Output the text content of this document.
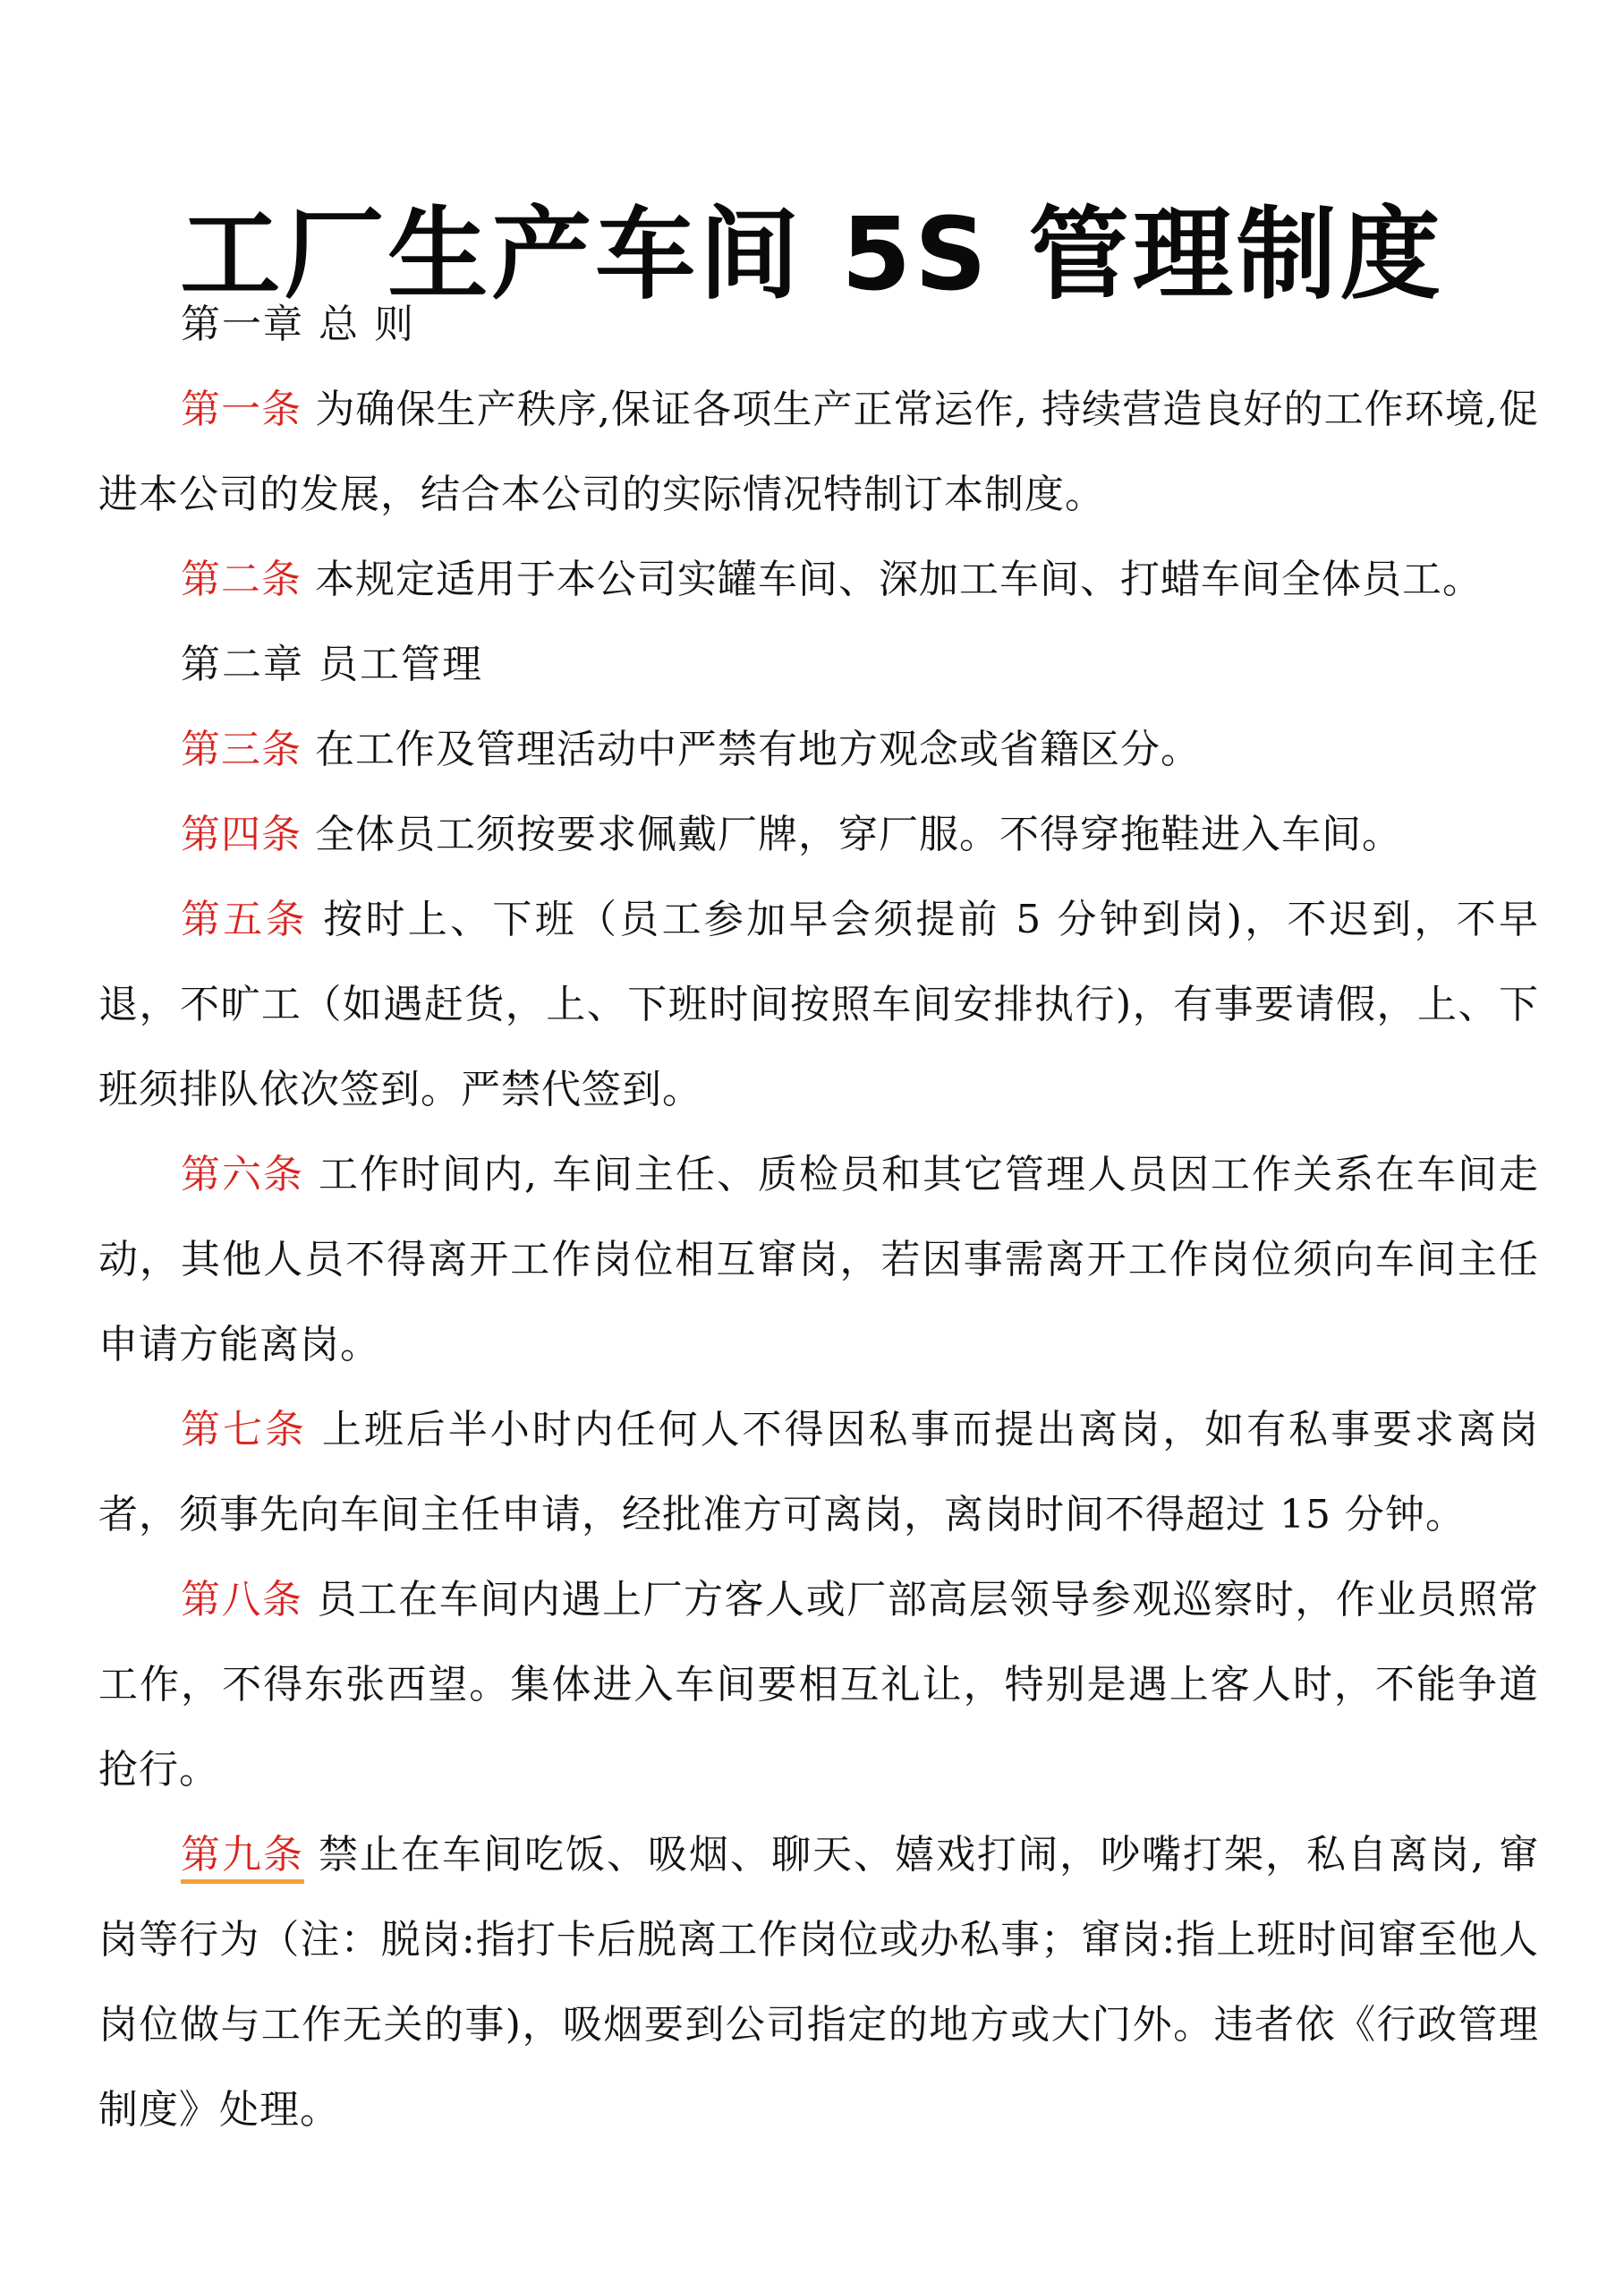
工厂生产车间 5S 管理制度

第一章 总 则

第一条 为确保生产秩序,保证各项生产正常运作, 持续营造良好的工作环境,促进本公司的发展，结合本公司的实际情况特制订本制度。

第二条 本规定适用于本公司实罐车间、深加工车间、打蜡车间全体员工。

第二章 员工管理

第三条 在工作及管理活动中严禁有地方观念或省籍区分。

第四条 全体员工须按要求佩戴厂牌，穿厂服。不得穿拖鞋进入车间。

第五条 按时上、下班（员工参加早会须提前 5 分钟到岗)，不迟到，不早退，不旷工（如遇赶货，上、下班时间按照车间安排执行)，有事要请假，上、下班须排队依次签到。严禁代签到。

第六条 工作时间内, 车间主任、质检员和其它管理人员因工作关系在车间走动，其他人员不得离开工作岗位相互窜岗，若因事需离开工作岗位须向车间主任申请方能离岗。

第七条 上班后半小时内任何人不得因私事而提出离岗，如有私事要求离岗者，须事先向车间主任申请，经批准方可离岗，离岗时间不得超过 15 分钟。

第八条 员工在车间内遇上厂方客人或厂部高层领导参观巡察时，作业员照常工作，不得东张西望。集体进入车间要相互礼让，特别是遇上客人时，不能争道抢行。

第九条 禁止在车间吃饭、吸烟、聊天、嬉戏打闹，吵嘴打架，私自离岗, 窜岗等行为（注：脱岗:指打卡后脱离工作岗位或办私事；窜岗:指上班时间窜至他人岗位做与工作无关的事)，吸烟要到公司指定的地方或大门外。违者依《行政管理制度》处理。
